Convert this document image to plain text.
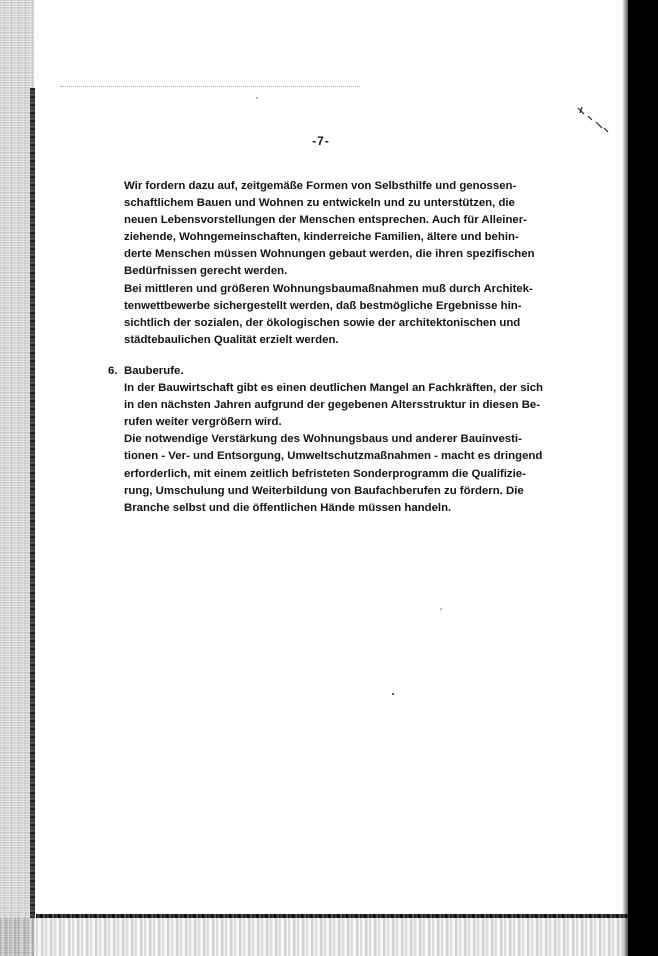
-7-
Wir fordern dazu auf, zeitgemäße Formen von Selbsthilfe und genossen-
schaftlichem Bauen und Wohnen zu entwickeln und zu unterstützen, die
neuen Lebensvorstellungen der Menschen entsprechen. Auch für Alleiner-
ziehende, Wohngemeinschaften, kinderreiche Familien, ältere und behin-
derte Menschen müssen Wohnungen gebaut werden, die ihren spezifischen
Bedürfnissen gerecht werden.
Bei mittleren und größeren Wohnungsbaumaßnahmen muß durch Architek-
tenwettbewerbe sichergestellt werden, daß bestmögliche Ergebnisse hin-
sichtlich der sozialen, der ökologischen sowie der architektonischen und
städtebaulichen Qualität erzielt werden.
6. Bauberufe.
In der Bauwirtschaft gibt es einen deutlichen Mangel an Fachkräften, der sich
in den nächsten Jahren aufgrund der gegebenen Altersstruktur in diesen Be-
rufen weiter vergrößern wird.
Die notwendige Verstärkung des Wohnungsbaus und anderer Bauinvesti-
tionen - Ver- und Entsorgung, Umweltschutzmaßnahmen - macht es dringend
erforderlich, mit einem zeitlich befristeten Sonderprogramm die Qualifizie-
rung, Umschulung und Weiterbildung von Baufachberufen zu fördern. Die
Branche selbst und die öffentlichen Hände müssen handeln.
